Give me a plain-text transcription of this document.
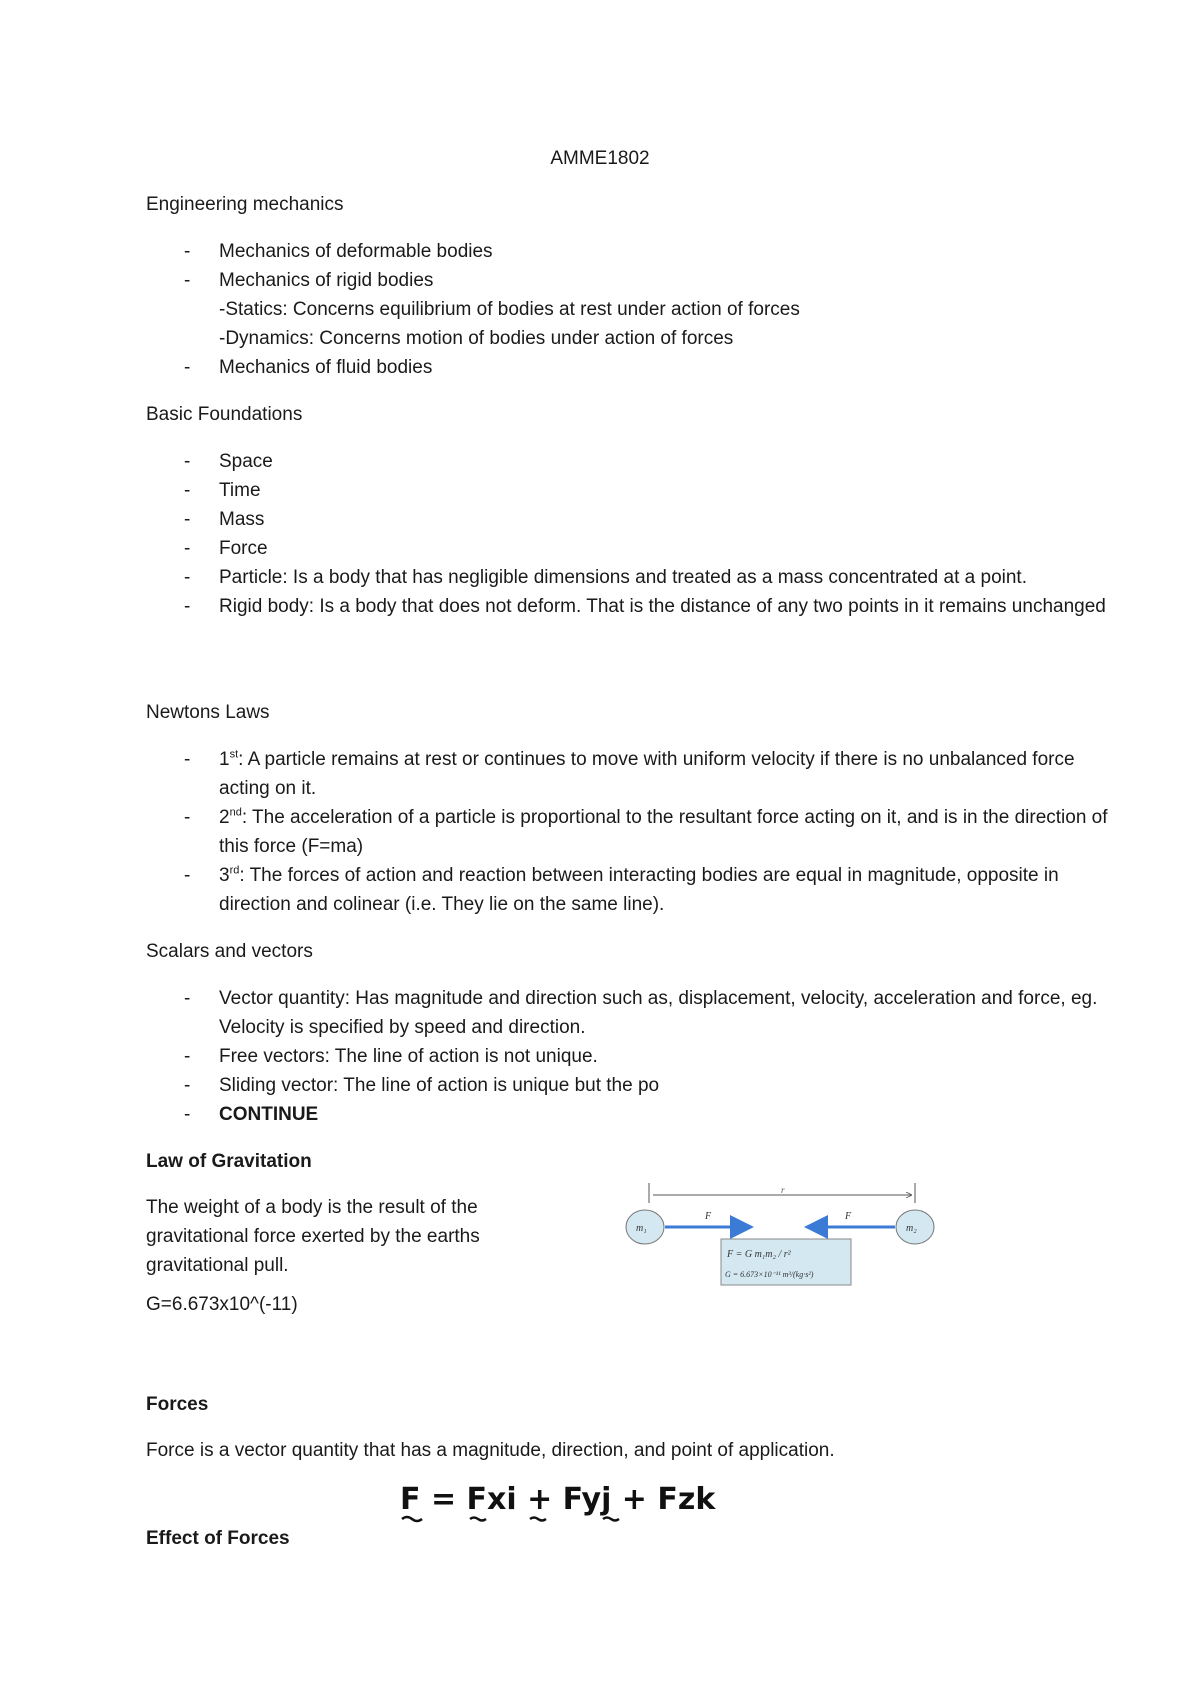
AMME1802
Engineering mechanics
- Mechanics of deformable bodies
- Mechanics of rigid bodies
-Statics: Concerns equilibrium of bodies at rest under action of forces
-Dynamics: Concerns motion of bodies under action of forces
- Mechanics of fluid bodies
Basic Foundations
- Space
- Time
- Mass
- Force
- Particle: Is a body that has negligible dimensions and treated as a mass concentrated at a point.
- Rigid body: Is a body that does not deform. That is the distance of any two points in it remains unchanged
Newtons Laws
- 1st: A particle remains at rest or continues to move with uniform velocity if there is no unbalanced force acting on it.
- 2nd: The acceleration of a particle is proportional to the resultant force acting on it, and is in the direction of this force (F=ma)
- 3rd: The forces of action and reaction between interacting bodies are equal in magnitude, opposite in direction and colinear (i.e. They lie on the same line).
Scalars and vectors
- Vector quantity: Has magnitude and direction such as, displacement, velocity, acceleration and force, eg. Velocity is specified by speed and direction.
- Free vectors: The line of action is not unique.
- Sliding vector: The line of action is unique but the po
- CONTINUE
Law of Gravitation
The weight of a body is the result of the gravitational force exerted by the earths gravitational pull.
G=6.673x10^(-11)
r
F	F
m₁	m₂
F = G m₁m₂ / r²
G = 6.673×10⁻¹¹ m³/(kg·s²)
Forces
Force is a vector quantity that has a magnitude, direction, and point of application.
F = Fxi + Fyj + Fzk
Effect of Forces
